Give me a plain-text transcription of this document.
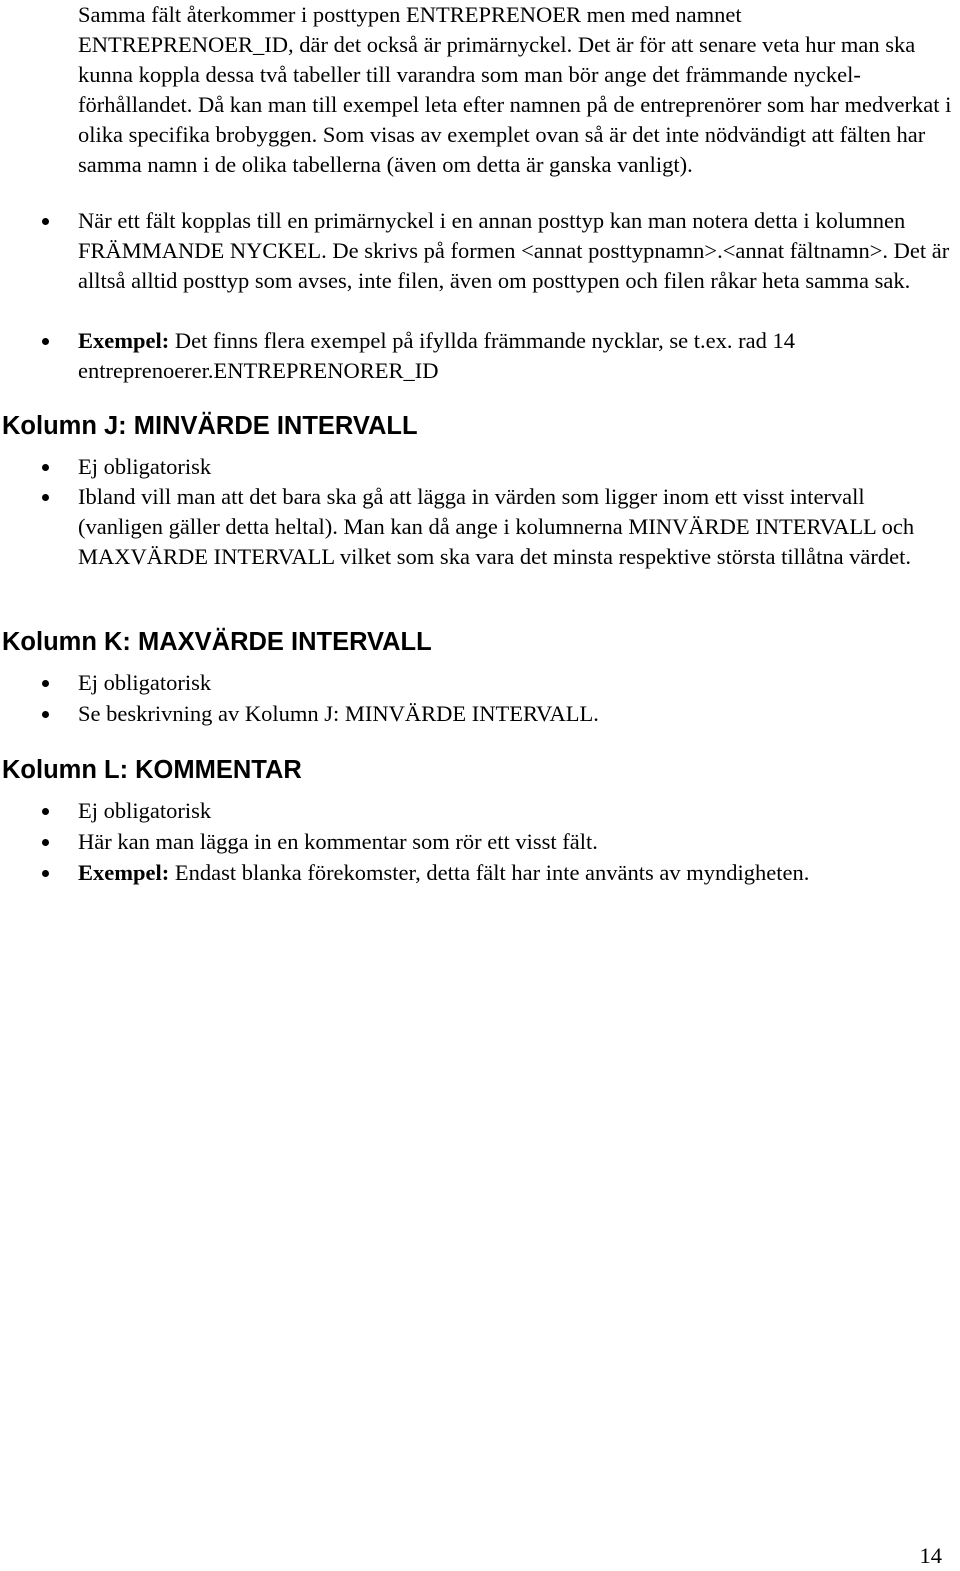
Samma fält återkommer i posttypen ENTREPRENOER men med namnet ENTREPRENOER_ID, där det också är primärnyckel. Det är för att senare veta hur man ska kunna koppla dessa två tabeller till varandra som man bör ange det främmande nyckel-förhållandet. Då kan man till exempel leta efter namnen på de entreprenörer som har medverkat i olika specifika brobyggen. Som visas av exemplet ovan så är det inte nödvändigt att fälten har samma namn i de olika tabellerna (även om detta är ganska vanligt).
När ett fält kopplas till en primärnyckel i en annan posttyp kan man notera detta i kolumnen FRÄMMANDE NYCKEL. De skrivs på formen <annat posttypnamn>.<annat fältnamn>. Det är alltså alltid posttyp som avses, inte filen, även om posttypen och filen råkar heta samma sak.
Exempel: Det finns flera exempel på ifyllda främmande nycklar, se t.ex. rad 14 entreprenoerer.ENTREPRENORER_ID
Kolumn J: MINVÄRDE INTERVALL
Ej obligatorisk
Ibland vill man att det bara ska gå att lägga in värden som ligger inom ett visst intervall (vanligen gäller detta heltal). Man kan då ange i kolumnerna MINVÄRDE INTERVALL och MAXVÄRDE INTERVALL vilket som ska vara det minsta respektive största tillåtna värdet.
Kolumn K: MAXVÄRDE INTERVALL
Ej obligatorisk
Se beskrivning av Kolumn J: MINVÄRDE INTERVALL.
Kolumn L: KOMMENTAR
Ej obligatorisk
Här kan man lägga in en kommentar som rör ett visst fält.
Exempel: Endast blanka förekomster, detta fält har inte använts av myndigheten.
14
